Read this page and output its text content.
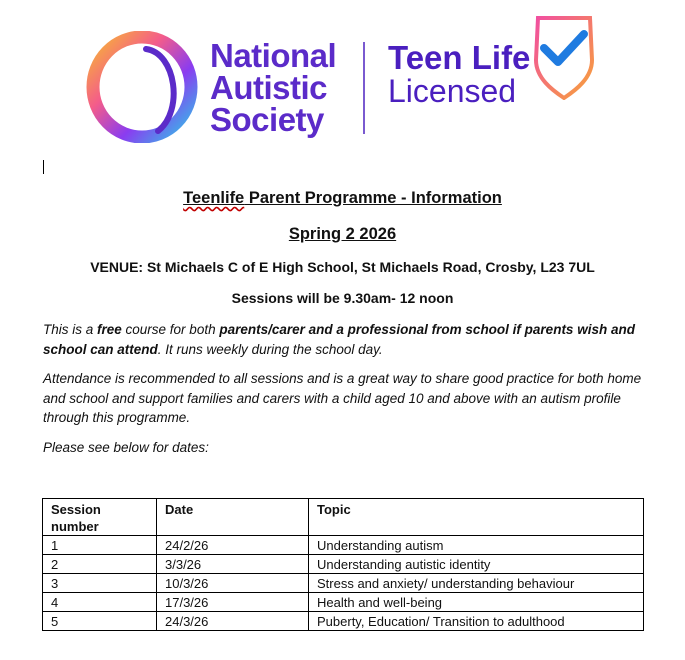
National
Autistic
Society
Teen Life
Licensed
Teenlife Parent Programme - Information
Spring 2 2026
VENUE: St Michaels C of E High School, St Michaels Road, Crosby, L23 7UL
Sessions will be 9.30am- 12 noon
This is a free course for both parents/carer and a professional from school if parents wish and school can attend. It runs weekly during the school day.
Attendance is recommended to all sessions and is a great way to share good practice for both home and school and support families and carers with a child aged 10 and above with an autism profile through this programme.
Please see below for dates:
Session number	Date	Topic
1	24/2/26	Understanding autism
2	3/3/26	Understanding autistic identity
3	10/3/26	Stress and anxiety/ understanding behaviour
4	17/3/26	Health and well-being
5	24/3/26	Puberty, Education/ Transition to adulthood
